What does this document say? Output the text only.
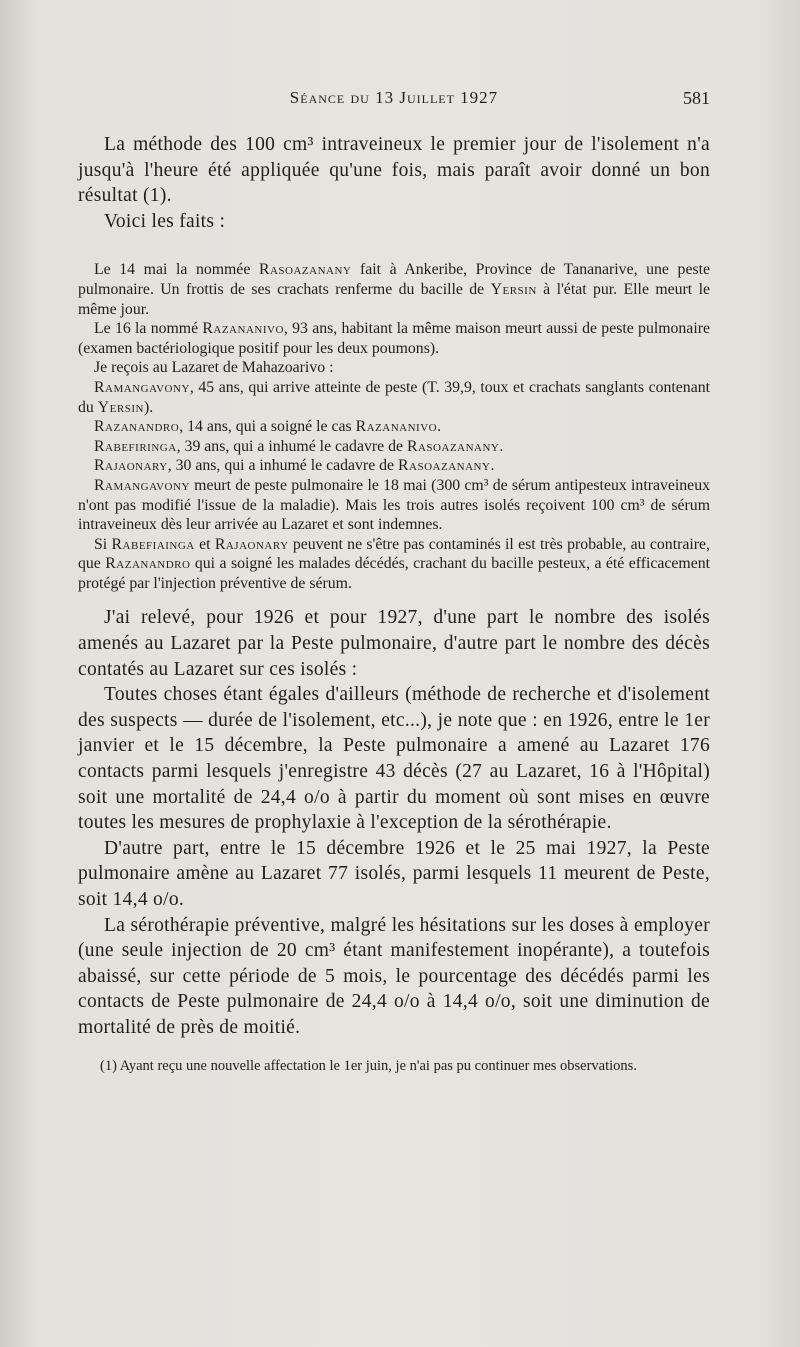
Séance du 13 Juillet 1927	581

La méthode des 100 cm³ intraveineux le premier jour de l'isolement n'a jusqu'à l'heure été appliquée qu'une fois, mais paraît avoir donné un bon résultat (1).

Voici les faits :

Le 14 mai la nommée Rasoazanany fait à Ankeribe, Province de Tananarive, une peste pulmonaire. Un frottis de ses crachats renferme du bacille de Yersin à l'état pur. Elle meurt le même jour.

Le 16 la nommé Razananivo, 93 ans, habitant la même maison meurt aussi de peste pulmonaire (examen bactériologique positif pour les deux poumons).

Je reçois au Lazaret de Mahazoarivo :

Ramangavony, 45 ans, qui arrive atteinte de peste (T. 39,9, toux et crachats sanglants contenant du Yersin).

Razanandro, 14 ans, qui a soigné le cas Razananivo.

Rabefiringa, 39 ans, qui a inhumé le cadavre de Rasoazanany.

Rajaonary, 30 ans, qui a inhumé le cadavre de Rasoazanany.

Ramangavony meurt de peste pulmonaire le 18 mai (300 cm³ de sérum antipesteux intraveineux n'ont pas modifié l'issue de la maladie). Mais les trois autres isolés reçoivent 100 cm³ de sérum intraveineux dès leur arrivée au Lazaret et sont indemnes.

Si Rabefiainga et Rajaonary peuvent ne s'être pas contaminés il est très probable, au contraire, que Razanandro qui a soigné les malades décédés, crachant du bacille pesteux, a été efficacement protégé par l'injection préventive de sérum.

J'ai relevé, pour 1926 et pour 1927, d'une part le nombre des isolés amenés au Lazaret par la Peste pulmonaire, d'autre part le nombre des décès contatés au Lazaret sur ces isolés :

Toutes choses étant égales d'ailleurs (méthode de recherche et d'isolement des suspects — durée de l'isolement, etc...), je note que : en 1926, entre le 1er janvier et le 15 décembre, la Peste pulmonaire a amené au Lazaret 176 contacts parmi lesquels j'enregistre 43 décès (27 au Lazaret, 16 à l'Hôpital) soit une mortalité de 24,4 o/o à partir du moment où sont mises en œuvre toutes les mesures de prophylaxie à l'exception de la sérothérapie.

D'autre part, entre le 15 décembre 1926 et le 25 mai 1927, la Peste pulmonaire amène au Lazaret 77 isolés, parmi lesquels 11 meurent de Peste, soit 14,4 o/o.

La sérothérapie préventive, malgré les hésitations sur les doses à employer (une seule injection de 20 cm³ étant manifestement inopérante), a toutefois abaissé, sur cette période de 5 mois, le pourcentage des décédés parmi les contacts de Peste pulmonaire de 24,4 o/o à 14,4 o/o, soit une diminution de mortalité de près de moitié.

(1) Ayant reçu une nouvelle affectation le 1er juin, je n'ai pas pu continuer mes observations.
